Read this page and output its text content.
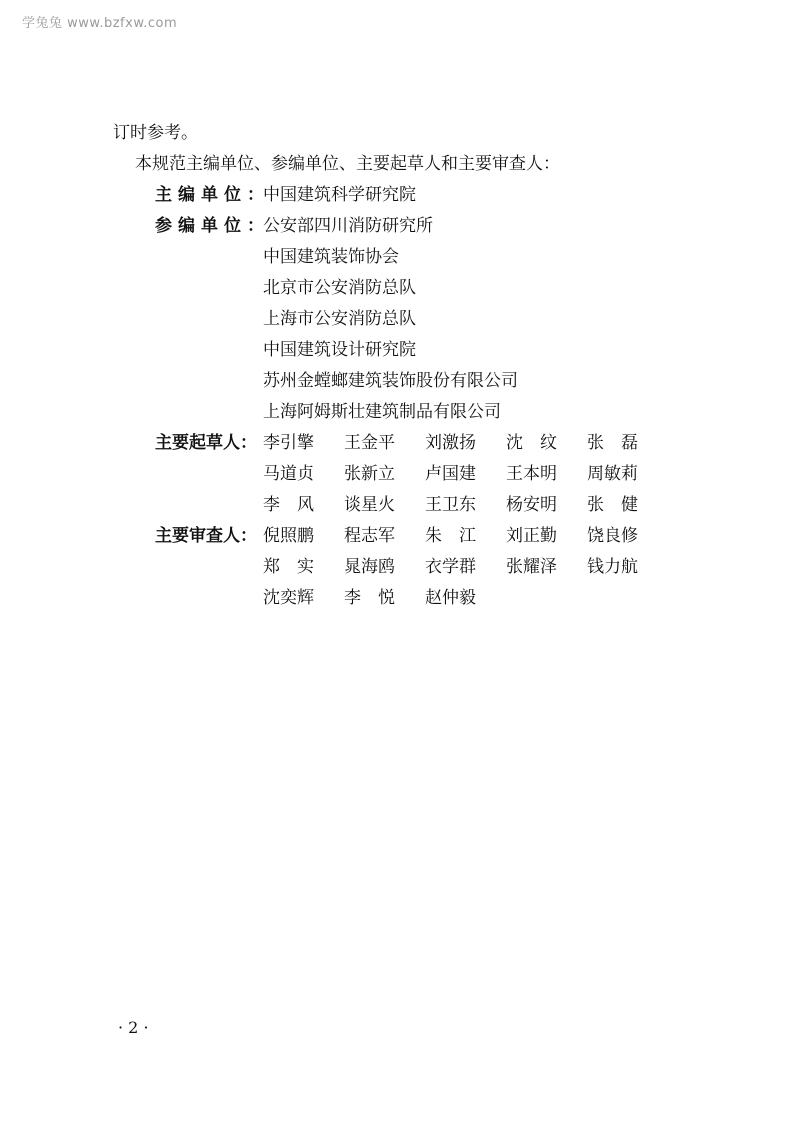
学兔兔 www.bzfxw.com
订时参考。
本规范主编单位、参编单位、主要起草人和主要审查人：
主编单位：
中国建筑科学研究院
参编单位：
公安部四川消防研究所
中国建筑装饰协会
北京市公安消防总队
上海市公安消防总队
中国建筑设计研究院
苏州金螳螂建筑装饰股份有限公司
上海阿姆斯壮建筑制品有限公司
主要起草人： 李引擎	王金平	刘激扬	沈　纹	张　磊
马道贞	张新立	卢国建	王本明	周敏莉
李　风	谈星火	王卫东	杨安明	张　健
主要审查人： 倪照鹏	程志军	朱　江	刘正勤	饶良修
郑　实	晁海鸥	衣学群	张耀泽	钱力航
沈奕辉	李　悦	赵仲毅
· 2 ·
